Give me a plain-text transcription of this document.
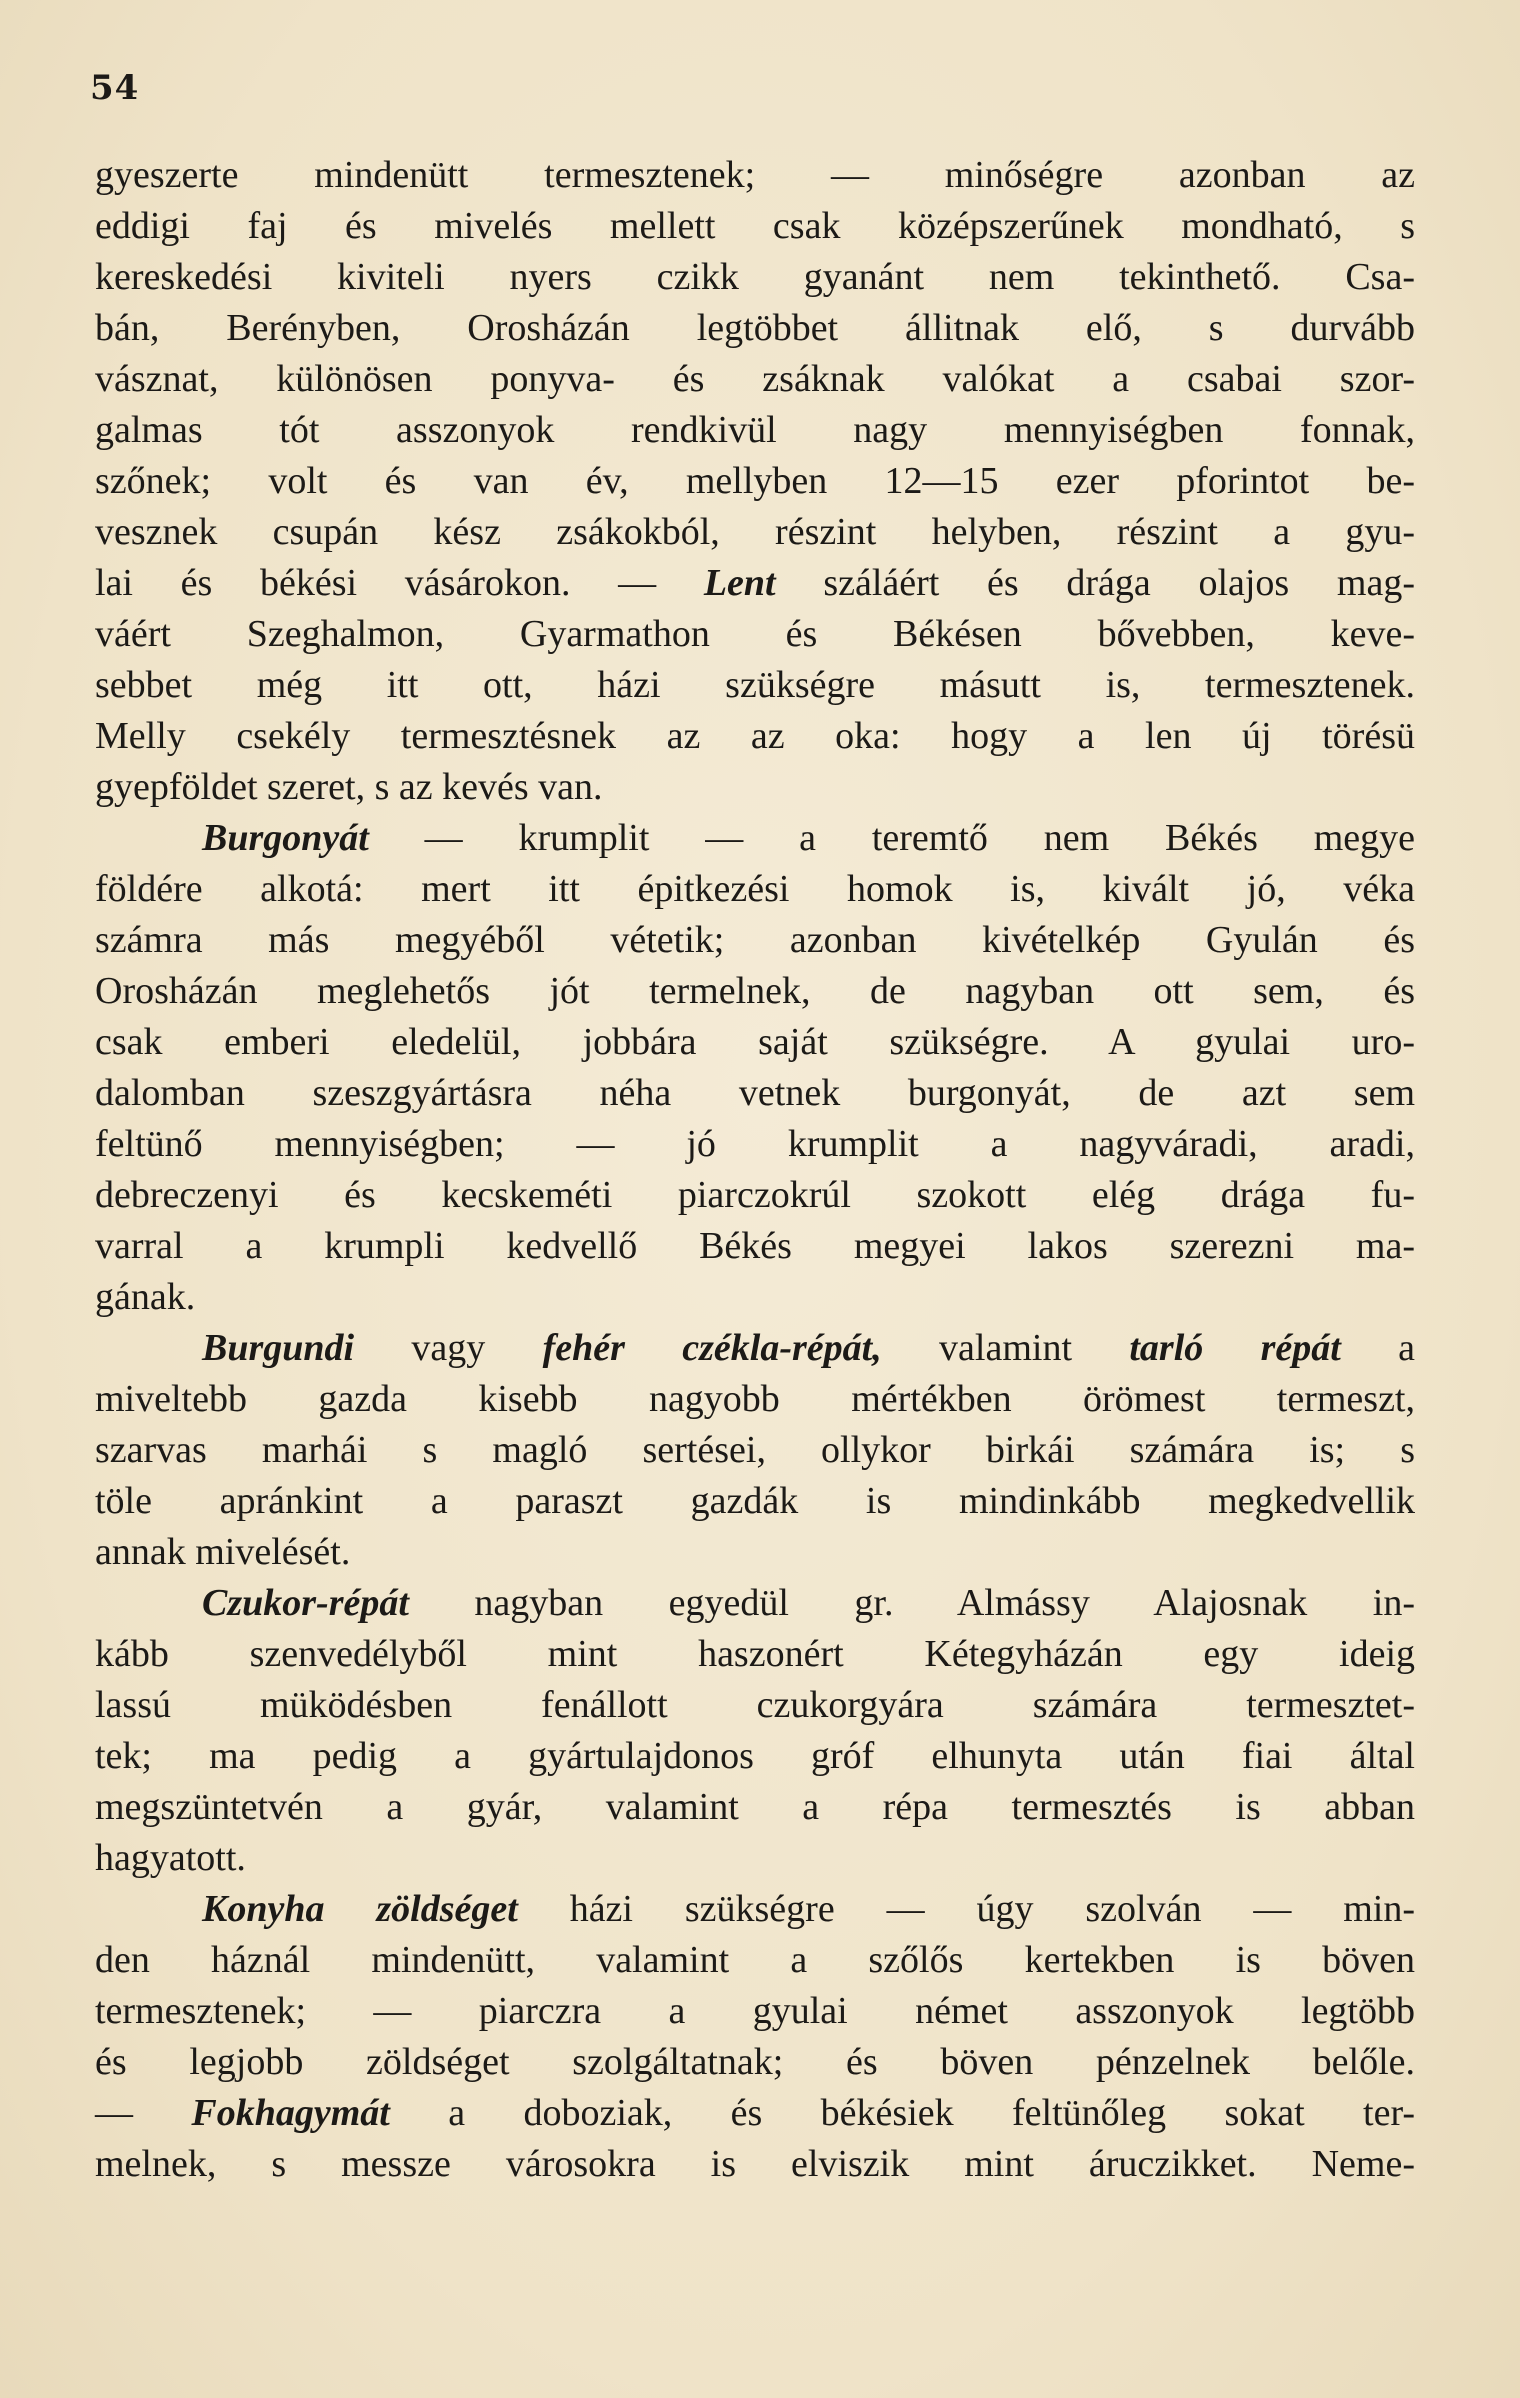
54
gyeszerte mindenütt termesztenek; — minőségre azonban az
eddigi faj és mivelés mellett csak középszerűnek mondható, s
kereskedési kiviteli nyers czikk gyanánt nem tekinthető. Csa-
bán, Berényben, Orosházán legtöbbet állitnak elő, s durvább
vásznat, különösen ponyva- és zsáknak valókat a csabai szor-
galmas tót asszonyok rendkivül nagy mennyiségben fonnak,
szőnek; volt és van év, mellyben 12—15 ezer pforintot be-
vesznek csupán kész zsákokból, részint helyben, részint a gyu-
lai és békési vásárokon. — Lent száláért és drága olajos mag-
váért Szeghalmon, Gyarmathon és Békésen bővebben, keve-
sebbet még itt ott, házi szükségre másutt is, termesztenek.
Melly csekély termesztésnek az az oka: hogy a len új törésü
gyepföldet szeret, s az kevés van.
Burgonyát — krumplit — a teremtő nem Békés megye
földére alkotá: mert itt épitkezési homok is, kivált jó, véka
számra más megyéből vétetik; azonban kivételkép Gyulán és
Orosházán meglehetős jót termelnek, de nagyban ott sem, és
csak emberi eledelül, jobbára saját szükségre. A gyulai uro-
dalomban szeszgyártásra néha vetnek burgonyát, de azt sem
feltünő mennyiségben; — jó krumplit a nagyváradi, aradi,
debreczenyi és kecskeméti piarczokrúl szokott elég drága fu-
varral a krumpli kedvellő Békés megyei lakos szerezni ma-
gának.
Burgundi vagy fehér czékla-répát, valamint tarló répát a
miveltebb gazda kisebb nagyobb mértékben örömest termeszt,
szarvas marhái s magló sertései, ollykor birkái számára is; s
töle apránkint a paraszt gazdák is mindinkább megkedvellik
annak mivelését.
Czukor-répát nagyban egyedül gr. Almássy Alajosnak in-
kább szenvedélyből mint haszonért Kétegyházán egy ideig
lassú müködésben fenállott czukorgyára számára termesztet-
tek; ma pedig a gyártulajdonos gróf elhunyta után fiai által
megszüntetvén a gyár, valamint a répa termesztés is abban
hagyatott.
Konyha zöldséget házi szükségre — úgy szolván — min-
den háznál mindenütt, valamint a szőlős kertekben is böven
termesztenek; — piarczra a gyulai német asszonyok legtöbb
és legjobb zöldséget szolgáltatnak; és böven pénzelnek belőle.
— Fokhagymát a doboziak, és békésiek feltünőleg sokat ter-
melnek, s messze városokra is elviszik mint áruczikket. Neme-
